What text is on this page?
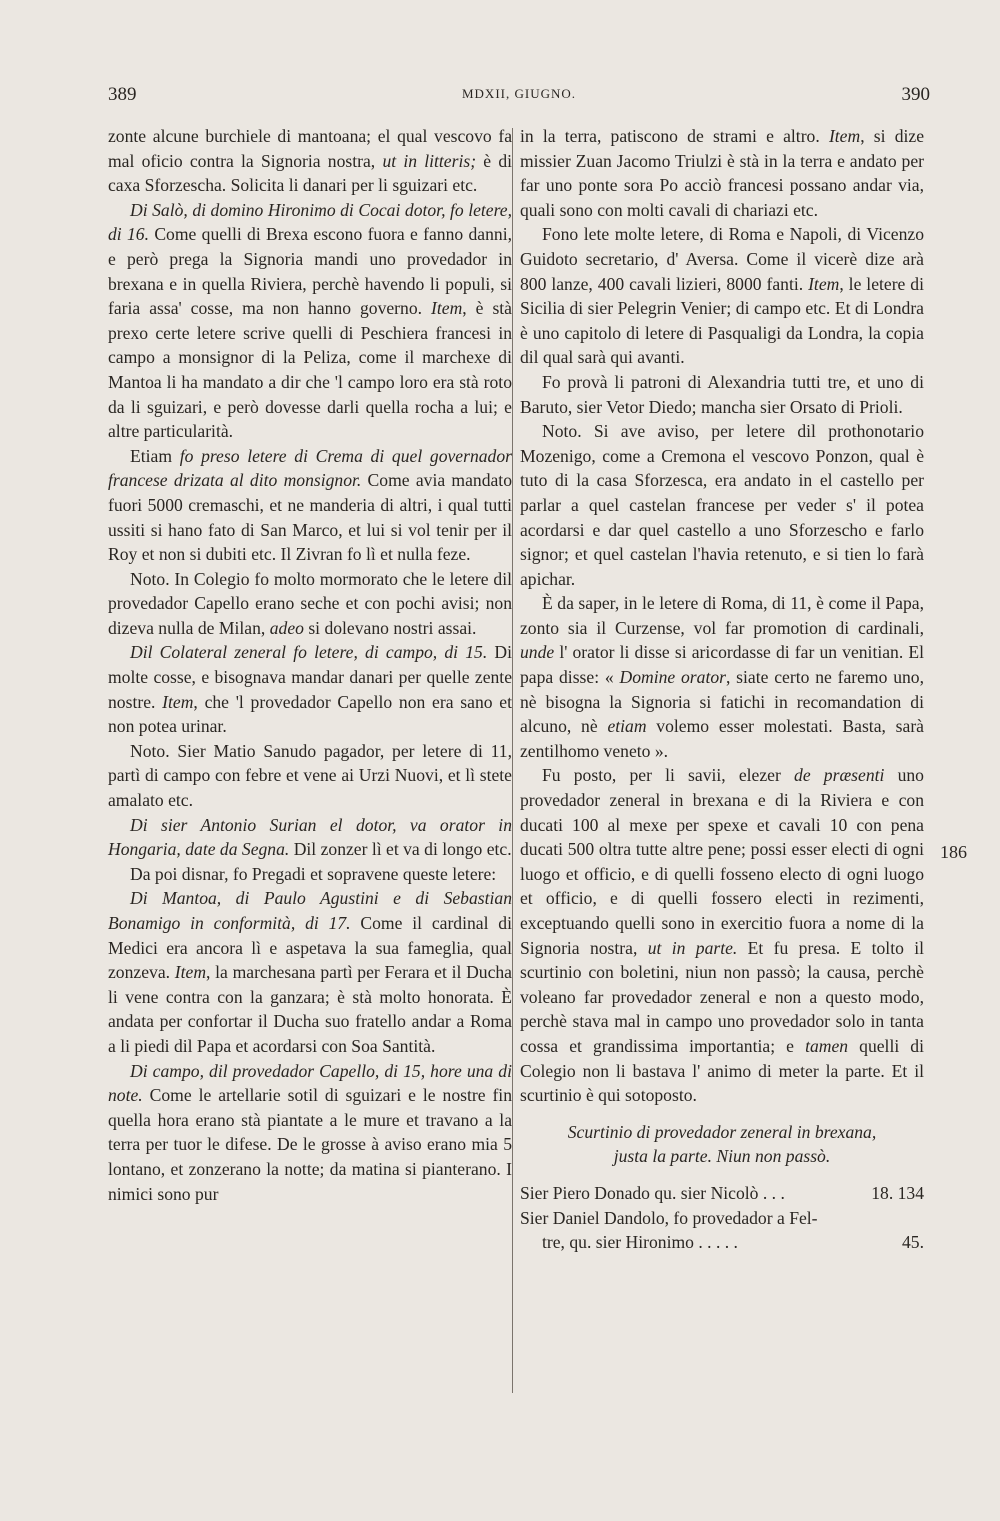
389	MDXII, GIUGNO.	390

zonte alcune burchiele di mantoana; el qual vescovo fa mal oficio contra la Signoria nostra, ut in litteris; è di caxa Sforzescha. Solicita li danari per li sguizari etc.

Di Salò, di domino Hironimo di Cocai dotor, fo letere, di 16. Come quelli di Brexa escono fuora e fanno danni, e però prega la Signoria mandi uno provedador in brexana e in quella Riviera, perchè havendo li populi, si faria assa' cosse, ma non hanno governo. Item, è stà prexo certe letere scrive quelli di Peschiera francesi in campo a monsignor di la Peliza, come il marchexe di Mantoa li ha mandato a dir che 'l campo loro era stà roto da li sguizari, e però dovesse darli quella rocha a lui; e altre particularità.

Etiam fo preso letere di Crema di quel governador francese drizata al dito monsignor. Come avia mandato fuori 5000 cremaschi, et ne manderia di altri, i qual tutti ussiti si hano fato di San Marco, et lui si vol tenir per il Roy et non si dubiti etc. Il Zivran fo lì et nulla feze.

Noto. In Colegio fo molto mormorato che le letere dil provedador Capello erano seche et con pochi avisi; non dizeva nulla de Milan, adeo si dolevano nostri assai.

Dil Colateral zeneral fo letere, di campo, di 15. Di molte cosse, e bisognava mandar danari per quelle zente nostre. Item, che 'l provedador Capello non era sano et non potea urinar.

Noto. Sier Matio Sanudo pagador, per letere di 11, partì di campo con febre et vene ai Urzi Nuovi, et lì stete amalato etc.

Di sier Antonio Surian el dotor, va orator in Hongaria, date da Segna. Dil zonzer lì et va di longo etc.

Da poi disnar, fo Pregadi et sopravene queste letere:

Di Mantoa, di Paulo Agustini e di Sebastian Bonamigo in conformità, di 17. Come il cardinal di Medici era ancora lì e aspetava la sua fameglia, qual zonzeva. Item, la marchesana partì per Ferara et il Ducha li vene contra con la ganzara; è stà molto honorata. È andata per confortar il Ducha suo fratello andar a Roma a li piedi dil Papa et acordarsi con Soa Santità.

Di campo, dil provedador Capello, di 15, hore una di note. Come le artellarie sotil di sguizari e le nostre fin quella hora erano stà piantate a le mure et travano a la terra per tuor le difese. De le grosse à aviso erano mia 5 lontano, et zonzerano la notte; da matina si pianterano. I nimici sono pur

in la terra, patiscono de strami e altro. Item, si dize missier Zuan Jacomo Triulzi è stà in la terra e andato per far uno ponte sora Po acciò francesi possano andar via, quali sono con molti cavali di chariazi etc.

Fono lete molte letere, di Roma e Napoli, di Vicenzo Guidoto secretario, d' Aversa. Come il vicerè dize arà 800 lanze, 400 cavali lizieri, 8000 fanti. Item, le letere di Sicilia di sier Pelegrin Venier; di campo etc. Et di Londra è uno capitolo di letere di Pasqualigi da Londra, la copia dil qual sarà qui avanti.

Fo provà li patroni di Alexandria tutti tre, et uno di Baruto, sier Vetor Diedo; mancha sier Orsato di Prioli.

Noto. Si ave aviso, per letere dil prothonotario Mozenigo, come a Cremona el vescovo Ponzon, qual è tuto di la casa Sforzesca, era andato in el castello per parlar a quel castelan francese per veder s' il potea acordarsi e dar quel castello a uno Sforzescho e farlo signor; et quel castelan l'havia retenuto, e si tien lo farà apichar.

È da saper, in le letere di Roma, di 11, è come il Papa, zonto sia il Curzense, vol far promotion di cardinali, unde l' orator li disse si aricordasse di far un venitian. El papa disse: « Domine orator, siate certo ne faremo uno, nè bisogna la Signoria si fatichi in recomandation di alcuno, nè etiam volemo esser molestati. Basta, sarà zentilhomo veneto ».

Fu posto, per li savii, elezer de præsenti uno provedador zeneral in brexana e di la Riviera e con ducati 100 al mexe per spexe et cavali 10 con pena ducati 500 oltra tutte altre pene; possi esser electi di ogni luogo et officio, e di quelli fosseno electo di ogni luogo et officio, e di quelli fossero electi in rezimenti, exceptuando quelli sono in exercitio fuora a nome di la Signoria nostra, ut in parte. Et fu presa. E tolto il scurtinio con boletini, niun non passò; la causa, perchè voleano far provedador zeneral e non a questo modo, perchè stava mal in campo uno provedador solo in tanta cossa et grandissima importantia; e tamen quelli di Colegio non li bastava l' animo di meter la parte. Et il scurtinio è qui sotoposto.

Scurtinio di provedador zeneral in brexana,
justa la parte. Niun non passò.

Sier Piero Donado qu. sier Nicolò . . .	18. 134
Sier Daniel Dandolo, fo provedador a Fel-
tre, qu. sier Hironimo . . . . .	45.
186
